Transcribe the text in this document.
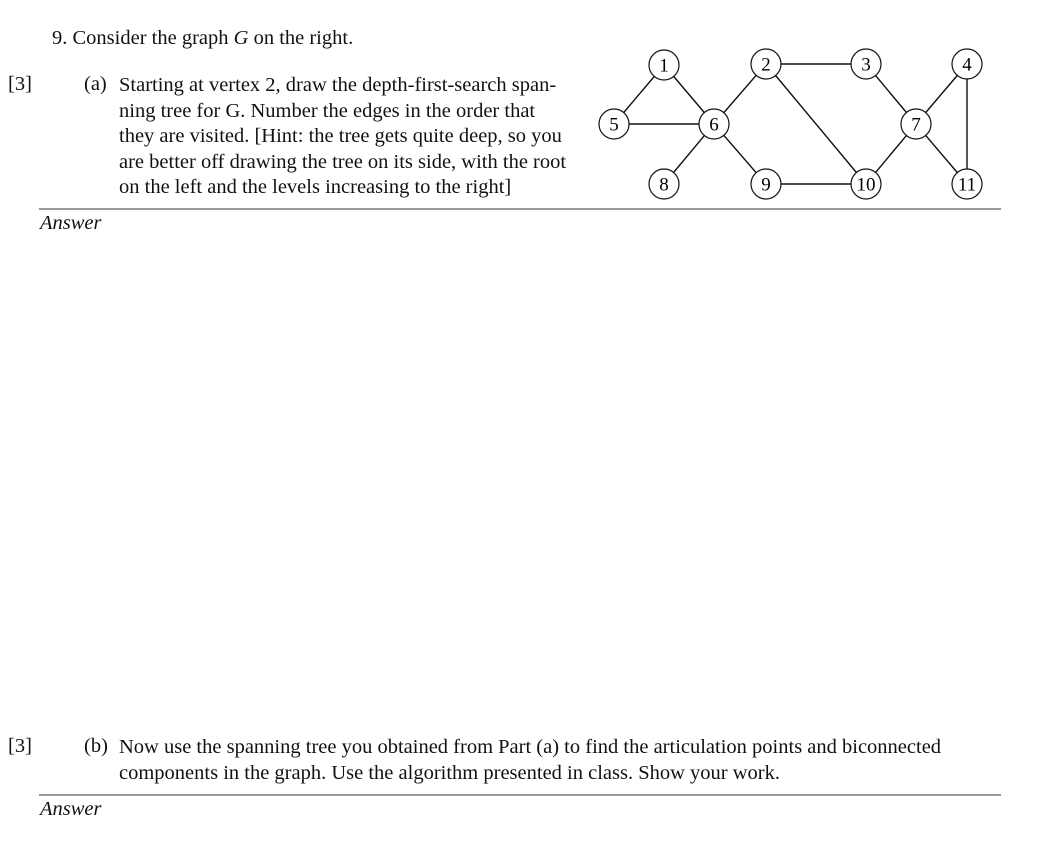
9. Consider the graph G on the right.
[3]	(a) Starting at vertex 2, draw the depth-first-search span-
ning tree for G. Number the edges in the order that
they are visited. [Hint: the tree gets quite deep, so you
are better off drawing the tree on its side, with the root
on the left and the levels increasing to the right]
1	2	3	4
5	6	7
8	9	10	11
Answer
[3]	(b) Now use the spanning tree you obtained from Part (a) to find the articulation points and biconnected
components in the graph. Use the algorithm presented in class. Show your work.
Answer
